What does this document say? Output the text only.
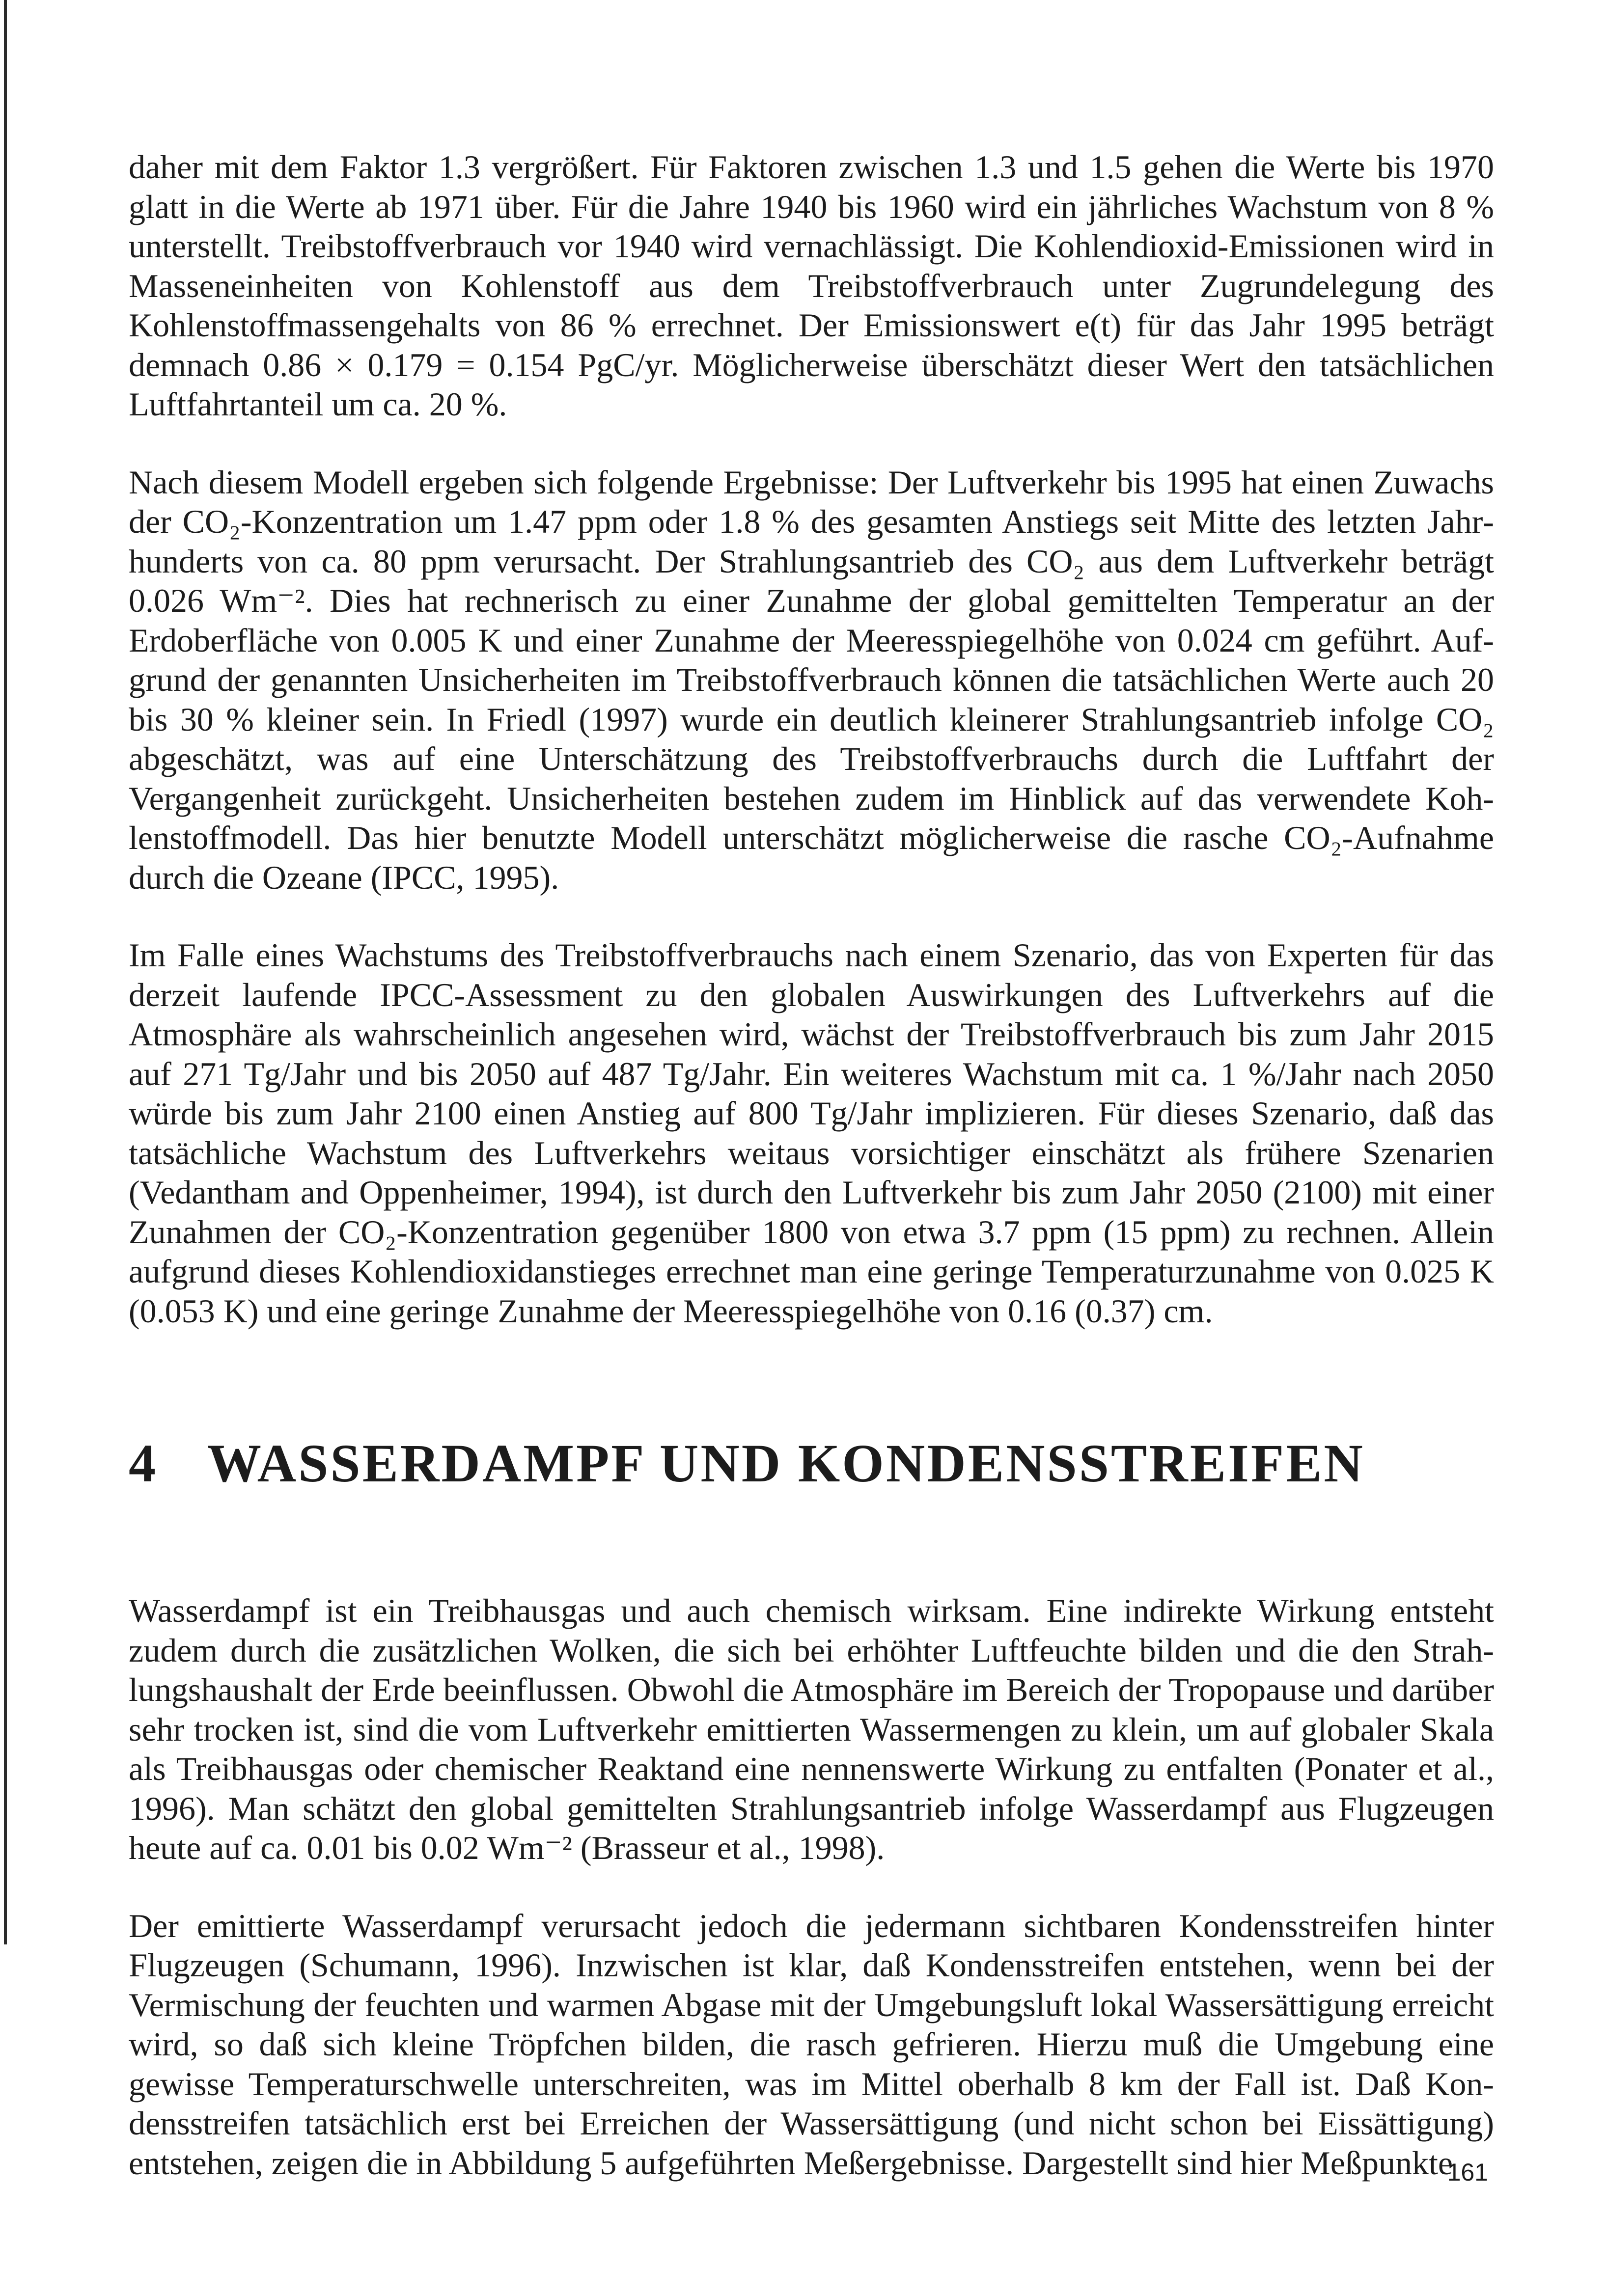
daher mit dem Faktor 1.3 vergrößert. Für Faktoren zwischen 1.3 und 1.5 gehen die Werte bis 1970 glatt in die Werte ab 1971 über. Für die Jahre 1940 bis 1960 wird ein jährliches Wachstum von 8 % unterstellt. Treibstoffverbrauch vor 1940 wird vernachlässigt. Die Kohlendioxid-Emissionen wird in Masseneinheiten von Kohlenstoff aus dem Treibstoffverbrauch unter Zugrundelegung des Kohlenstoffmassengehalts von 86 % errechnet. Der Emissionswert e(t) für das Jahr 1995 beträgt demnach 0.86 × 0.179 = 0.154 PgC/yr. Möglicherweise überschätzt dieser Wert den tatsächlichen Luftfahrtanteil um ca. 20 %.

Nach diesem Modell ergeben sich folgende Ergebnisse: Der Luftverkehr bis 1995 hat einen Zuwachs der CO₂-Konzentration um 1.47 ppm oder 1.8 % des gesamten Anstiegs seit Mitte des letzten Jahrhunderts von ca. 80 ppm verursacht. Der Strahlungsantrieb des CO₂ aus dem Luftverkehr beträgt 0.026 Wm⁻². Dies hat rechnerisch zu einer Zunahme der global gemittelten Temperatur an der Erdoberfläche von 0.005 K und einer Zunahme der Meeresspiegelhöhe von 0.024 cm geführt. Aufgrund der genannten Unsicherheiten im Treibstoffverbrauch können die tatsächlichen Werte auch 20 bis 30 % kleiner sein. In Friedl (1997) wurde ein deutlich kleinerer Strahlungsantrieb infolge CO₂ abgeschätzt, was auf eine Unterschätzung des Treibstoffverbrauchs durch die Luftfahrt der Vergangenheit zurückgeht. Unsicherheiten bestehen zudem im Hinblick auf das verwendete Kohlenstoffmodell. Das hier benutzte Modell unterschätzt möglicherweise die rasche CO₂-Aufnahme durch die Ozeane (IPCC, 1995).

Im Falle eines Wachstums des Treibstoffverbrauchs nach einem Szenario, das von Experten für das derzeit laufende IPCC-Assessment zu den globalen Auswirkungen des Luftverkehrs auf die Atmosphäre als wahrscheinlich angesehen wird, wächst der Treibstoffverbrauch bis zum Jahr 2015 auf 271 Tg/Jahr und bis 2050 auf 487 Tg/Jahr. Ein weiteres Wachstum mit ca. 1 %/Jahr nach 2050 würde bis zum Jahr 2100 einen Anstieg auf 800 Tg/Jahr implizieren. Für dieses Szenario, daß das tatsächliche Wachstum des Luftverkehrs weitaus vorsichtiger einschätzt als frühere Szenarien (Vedantham and Oppenheimer, 1994), ist durch den Luftverkehr bis zum Jahr 2050 (2100) mit einer Zunahmen der CO₂-Konzentration gegenüber 1800 von etwa 3.7 ppm (15 ppm) zu rechnen. Allein aufgrund dieses Kohlendioxidanstieges errechnet man eine geringe Temperaturzunahme von 0.025 K (0.053 K) und eine geringe Zunahme der Meeresspiegelhöhe von 0.16 (0.37) cm.

4 WASSERDAMPF UND KONDENSSTREIFEN

Wasserdampf ist ein Treibhausgas und auch chemisch wirksam. Eine indirekte Wirkung entsteht zudem durch die zusätzlichen Wolken, die sich bei erhöhter Luftfeuchte bilden und die den Strahlungshaushalt der Erde beeinflussen. Obwohl die Atmosphäre im Bereich der Tropopause und darüber sehr trocken ist, sind die vom Luftverkehr emittierten Wassermengen zu klein, um auf globaler Skala als Treibhausgas oder chemischer Reaktand eine nennenswerte Wirkung zu entfalten (Ponater et al., 1996). Man schätzt den global gemittelten Strahlungsantrieb infolge Wasserdampf aus Flugzeugen heute auf ca. 0.01 bis 0.02 Wm⁻² (Brasseur et al., 1998).

Der emittierte Wasserdampf verursacht jedoch die jedermann sichtbaren Kondensstreifen hinter Flugzeugen (Schumann, 1996). Inzwischen ist klar, daß Kondensstreifen entstehen, wenn bei der Vermischung der feuchten und warmen Abgase mit der Umgebungsluft lokal Wassersättigung erreicht wird, so daß sich kleine Tröpfchen bilden, die rasch gefrieren. Hierzu muß die Umgebung eine gewisse Temperaturschwelle unterschreiten, was im Mittel oberhalb 8 km der Fall ist. Daß Kondensstreifen tatsächlich erst bei Erreichen der Wassersättigung (und nicht schon bei Eissättigung) entstehen, zeigen die in Abbildung 5 aufgeführten Meßergebnisse. Dargestellt sind hier Meßpunkte

161
